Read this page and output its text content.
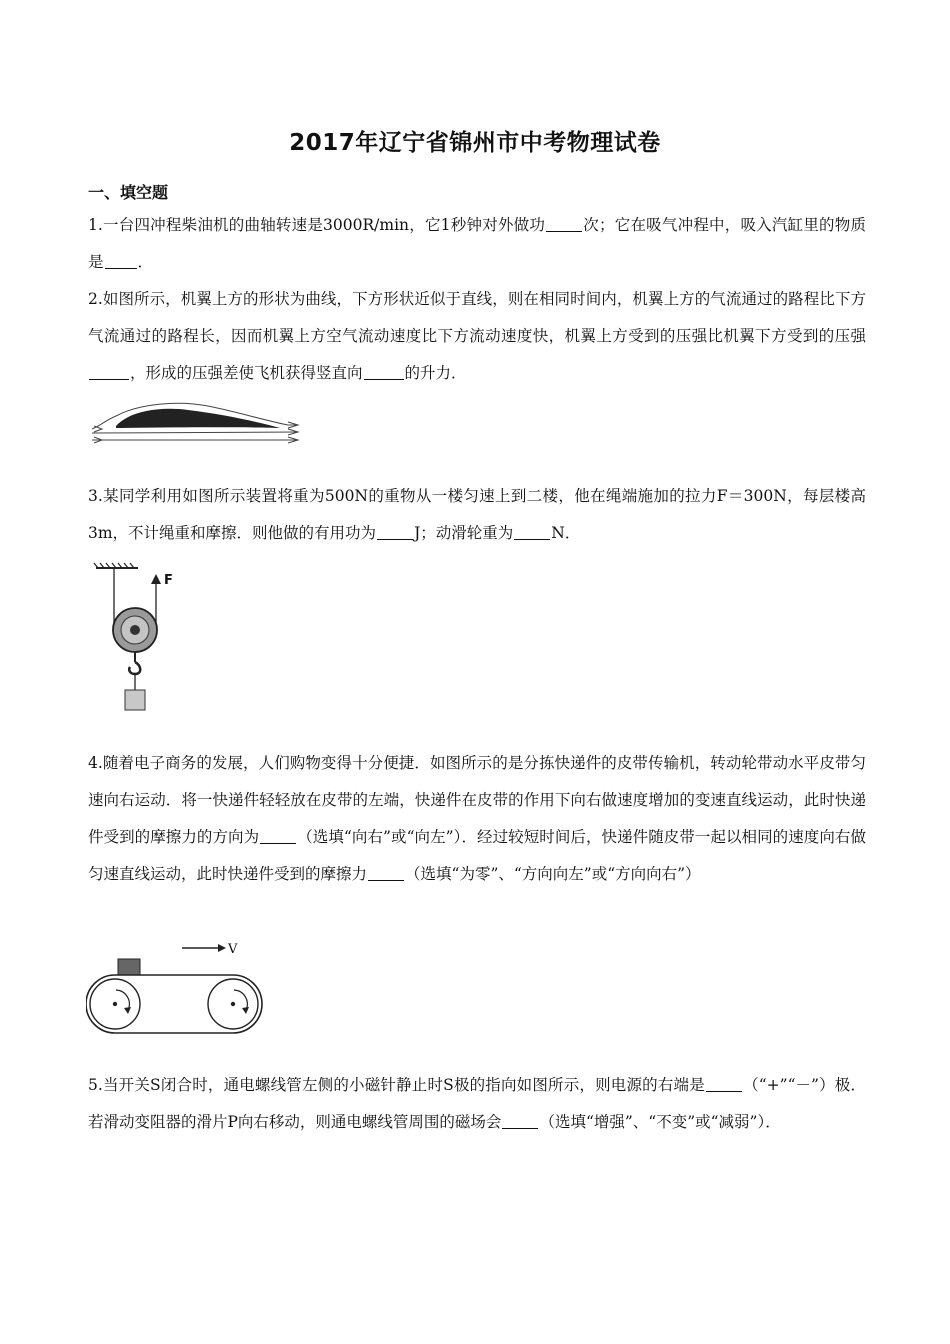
2017年辽宁省锦州市中考物理试卷
一、填空题
1.一台四冲程柴油机的曲轴转速是3000R/min，它1秒钟对外做功 次；它在吸气冲程中，吸入汽缸里的物质是 ．
2.如图所示，机翼上方的形状为曲线，下方形状近似于直线，则在相同时间内，机翼上方的气流通过的路程比下方气流通过的路程长，因而机翼上方空气流动速度比下方流动速度快，机翼上方受到的压强比机翼下方受到的压强，形成的压强差使飞机获得竖直向	的升力．
3.某同学利用如图所示装置将重为500N的重物从一楼匀速上到二楼，他在绳端施加的拉力F＝300N，每层楼高3m，不计绳重和摩擦．则他做的有用功为 J；动滑轮重为 N．
F
4.随着电子商务的发展，人们购物变得十分便捷．如图所示的是分拣快递件的皮带传输机，转动轮带动水平皮带匀速向右运动．将一快递件轻轻放在皮带的左端，快递件在皮带的作用下向右做速度增加的变速直线运动，此时快递件受到的摩擦力的方向为 （选填“向右”或“向左”）．经过较短时间后，快递件随皮带一起以相同的速度向右做匀速直线运动，此时快递件受到的摩擦力 （选填“为零”、“方向向左”或“方向向右”）
V
5.当开关S闭合时，通电螺线管左侧的小磁针静止时S极的指向如图所示，则电源的右端是 （“+”“－”）极．若滑动变阻器的滑片P向右移动，则通电螺线管周围的磁场会 （选填“增强”、“不变”或“减弱”）．
